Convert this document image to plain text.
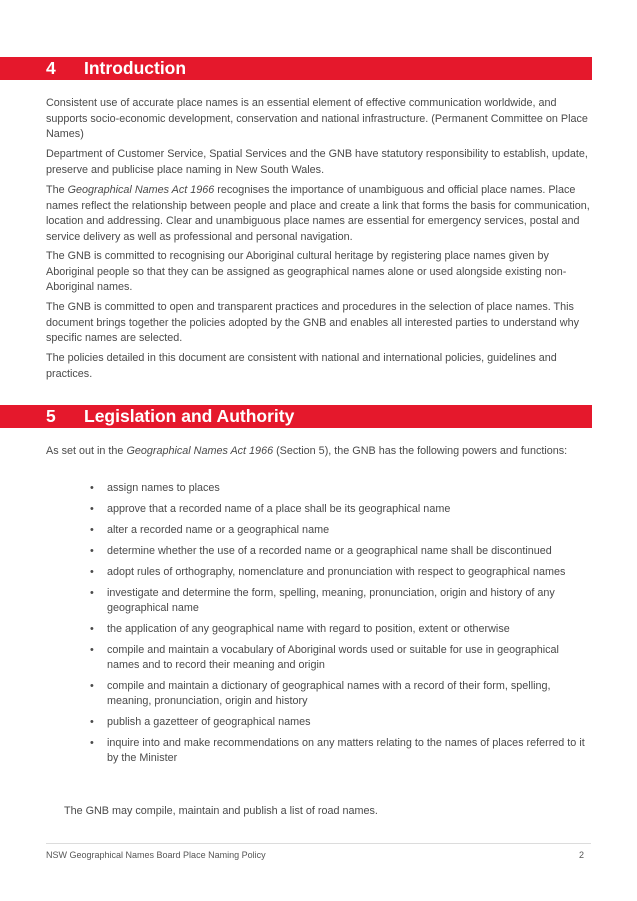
4 Introduction

Consistent use of accurate place names is an essential element of effective communication worldwide, and supports socio-economic development, conservation and national infrastructure. (Permanent Committee on Place Names)

Department of Customer Service, Spatial Services and the GNB have statutory responsibility to establish, update, preserve and publicise place naming in New South Wales.

The Geographical Names Act 1966 recognises the importance of unambiguous and official place names. Place names reflect the relationship between people and place and create a link that forms the basis for communication, location and addressing. Clear and unambiguous place names are essential for emergency services, postal and service delivery as well as professional and personal navigation.

The GNB is committed to recognising our Aboriginal cultural heritage by registering place names given by Aboriginal people so that they can be assigned as geographical names alone or used alongside existing non-Aboriginal names.

The GNB is committed to open and transparent practices and procedures in the selection of place names. This document brings together the policies adopted by the GNB and enables all interested parties to understand why specific names are selected.

The policies detailed in this document are consistent with national and international policies, guidelines and practices.

5 Legislation and Authority

As set out in the Geographical Names Act 1966 (Section 5), the GNB has the following powers and functions:

• assign names to places
• approve that a recorded name of a place shall be its geographical name
• alter a recorded name or a geographical name
• determine whether the use of a recorded name or a geographical name shall be discontinued
• adopt rules of orthography, nomenclature and pronunciation with respect to geographical names
• investigate and determine the form, spelling, meaning, pronunciation, origin and history of any geographical name
• the application of any geographical name with regard to position, extent or otherwise
• compile and maintain a vocabulary of Aboriginal words used or suitable for use in geographical names and to record their meaning and origin
• compile and maintain a dictionary of geographical names with a record of their form, spelling, meaning, pronunciation, origin and history
• publish a gazetteer of geographical names
• inquire into and make recommendations on any matters relating to the names of places referred to it by the Minister

The GNB may compile, maintain and publish a list of road names.

NSW Geographical Names Board Place Naming Policy	2
